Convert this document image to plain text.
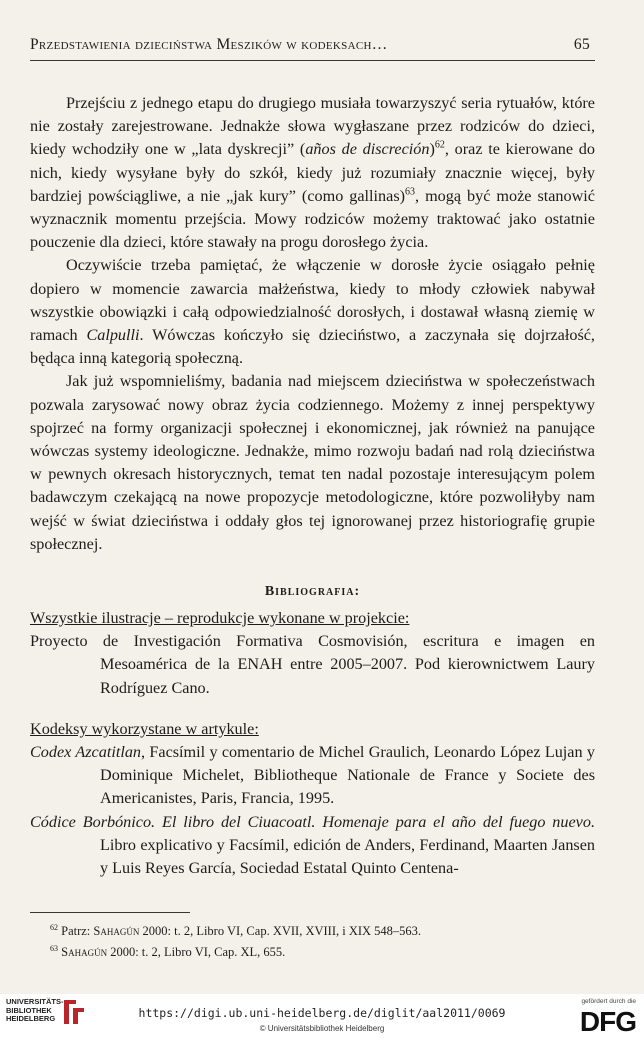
Przedstawienia dzieciństwa Meszików w kodeksach…	65

Przejściu z jednego etapu do drugiego musiała towarzyszyć seria rytuałów, które nie zostały zarejestrowane. Jednakże słowa wygłaszane przez rodziców do dzieci, kiedy wchodziły one w „lata dyskrecji” (años de discreción)$^{62}$, oraz te kierowane do nich, kiedy wysyłane były do szkół, kiedy już rozumiały znacznie więcej, były bardziej powściągliwe, a nie „jak kury” (como gallinas)$^{63}$, mogą być może stanowić wyznacznik momentu przejścia. Mowy rodziców możemy traktować jako ostatnie pouczenie dla dzieci, które stawały na progu dorosłego życia.

Oczywiście trzeba pamiętać, że włączenie w dorosłe życie osiągało pełnię dopiero w momencie zawarcia małżeństwa, kiedy to młody człowiek nabywał wszystkie obowiązki i całą odpowiedzialność dorosłych, i dostawał własną ziemię w ramach Calpulli. Wówczas kończyło się dzieciństwo, a zaczynała się dojrzałość, będąca inną kategorią społeczną.

Jak już wspomnieliśmy, badania nad miejscem dzieciństwa w społeczeństwach pozwala zarysować nowy obraz życia codziennego. Możemy z innej perspektywy spojrzeć na formy organizacji społecznej i ekonomicznej, jak również na panujące wówczas systemy ideologiczne. Jednakże, mimo rozwoju badań nad rolą dzieciństwa w pewnych okresach historycznych, temat ten nadal pozostaje interesującym polem badawczym czekającą na nowe propozycje metodologiczne, które pozwoliłyby nam wejść w świat dzieciństwa i oddały głos tej ignorowanej przez historiografię grupie społecznej.

Bibliografia:

Wszystkie ilustracje – reprodukcje wykonane w projekcie:

Proyecto de Investigación Formativa Cosmovisión, escritura e imagen en Mesoamérica de la ENAH entre 2005–2007. Pod kierownictwem Laury Rodríguez Cano.

Kodeksy wykorzystane w artykule:

Codex Azcatitlan, Facsímil y comentario de Michel Graulich, Leonardo López Lujan y Dominique Michelet, Bibliotheque Nationale de France y Societe des Americanistes, Paris, Francia, 1995.

Códice Borbónico. El libro del Ciuacoatl. Homenaje para el año del fuego nuevo. Libro explicativo y Facsímil, edición de Anders, Ferdinand, Maarten Jansen y Luis Reyes García, Sociedad Estatal Quinto Centena-

$^{62}$ Patrz: Sahagún 2000: t. 2, Libro VI, Cap. XVII, XVIII, i XIX 548–563.

$^{63}$ Sahagún 2000: t. 2, Libro VI, Cap. XL, 655.

UNIVERSITÄTS-BIBLIOTHEK HEIDELBERG	https://digi.ub.uni-heidelberg.de/diglit/aal2011/0069
© Universitätsbibliothek Heidelberg
gefördert durch die
DFG
